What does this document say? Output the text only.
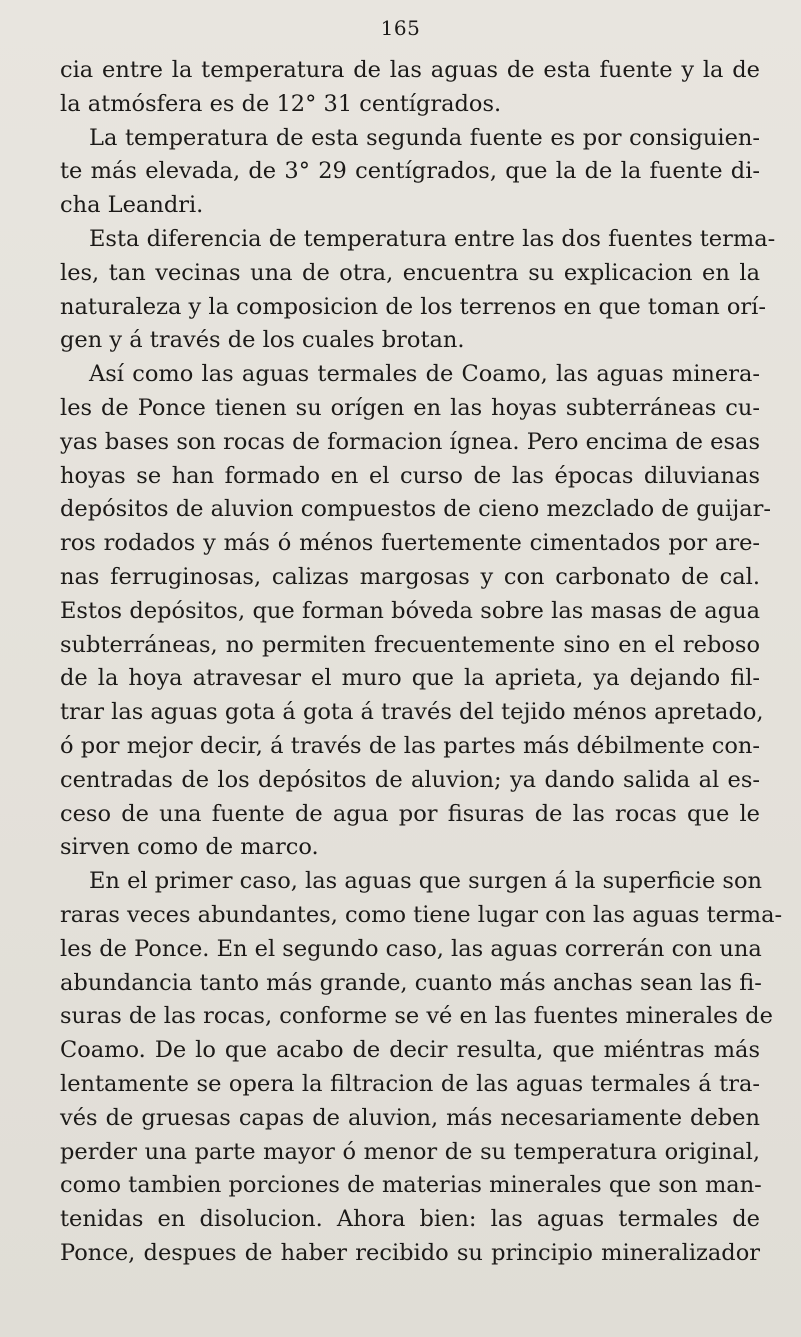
165
cia entre la temperatura de las aguas de esta fuente y la de
la atmósfera es de 12° 31 centígrados.
La temperatura de esta segunda fuente es por consiguien-
te más elevada, de 3° 29 centígrados, que la de la fuente di-
cha Leandri.
Esta diferencia de temperatura entre las dos fuentes terma-
les, tan vecinas una de otra, encuentra su explicacion en la
naturaleza y la composicion de los terrenos en que toman orí-
gen y á través de los cuales brotan.
Así como las aguas termales de Coamo, las aguas minera-
les de Ponce tienen su orígen en las hoyas subterráneas cu-
yas bases son rocas de formacion ígnea. Pero encima de esas
hoyas se han formado en el curso de las épocas diluvianas
depósitos de aluvion compuestos de cieno mezclado de guijar-
ros rodados y más ó ménos fuertemente cimentados por are-
nas ferruginosas, calizas margosas y con carbonato de cal.
Estos depósitos, que forman bóveda sobre las masas de agua
subterráneas, no permiten frecuentemente sino en el reboso
de la hoya atravesar el muro que la aprieta, ya dejando fil-
trar las aguas gota á gota á través del tejido ménos apretado,
ó por mejor decir, á través de las partes más débilmente con-
centradas de los depósitos de aluvion; ya dando salida al es-
ceso de una fuente de agua por fisuras de las rocas que le
sirven como de marco.
En el primer caso, las aguas que surgen á la superficie son
raras veces abundantes, como tiene lugar con las aguas terma-
les de Ponce. En el segundo caso, las aguas correrán con una
abundancia tanto más grande, cuanto más anchas sean las fi-
suras de las rocas, conforme se vé en las fuentes minerales de
Coamo. De lo que acabo de decir resulta, que miéntras más
lentamente se opera la filtracion de las aguas termales á tra-
vés de gruesas capas de aluvion, más necesariamente deben
perder una parte mayor ó menor de su temperatura original,
como tambien porciones de materias minerales que son man-
tenidas en disolucion. Ahora bien: las aguas termales de
Ponce, despues de haber recibido su principio mineralizador
